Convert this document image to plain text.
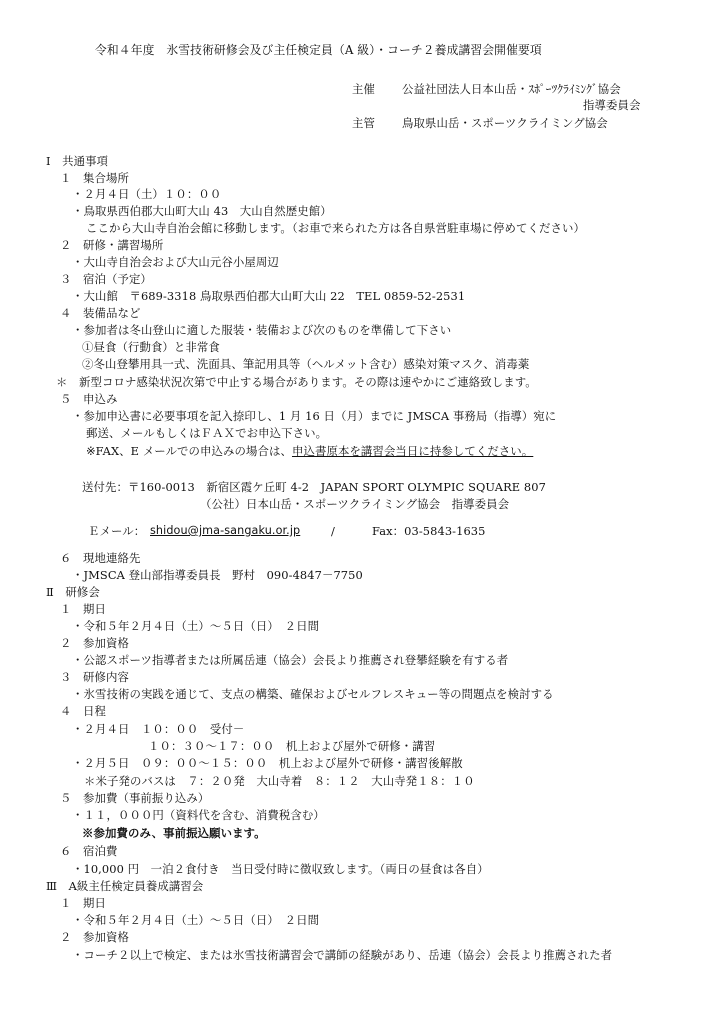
令和４年度　氷雪技術研修会及び主任検定員（A 級）・コーチ２養成講習会開催要項

主催 公益社団法人日本山岳・ｽﾎﾟｰﾂｸﾗｲﾐﾝｸﾞ協会

指導委員会

主管 鳥取県山岳・スポーツクライミング協会

Ⅰ　共通事項

１　集合場所

・２月４日（土）１０：００

・鳥取県西伯郡大山町大山 43　大山自然歴史館）

ここから大山寺自治会館に移動します。（お車で来られた方は各自県営駐車場に停めてください）

２　研修・講習場所

・大山寺自治会および大山元谷小屋周辺

３　宿泊（予定）

・大山館　〒689-3318 鳥取県西伯郡大山町大山 22　TEL 0859-52-2531

４　装備品など

・参加者は冬山登山に適した服装・装備および次のものを準備して下さい

①昼食（行動食）と非常食

②冬山登攀用具一式、洗面具、筆記用具等（ヘルメット含む）感染対策マスク、消毒薬

＊　新型コロナ感染状況次第で中止する場合があります。その際は速やかにご連絡致します。

５　申込み

・参加申込書に必要事項を記入捺印し、1 月 16 日（月）までに JMSCA 事務局（指導）宛に

郵送、メールもしくはＦＡＸでお申込下さい。

※FAX、E メールでの申込みの場合は、申込書原本を講習会当日に持参してください。

送付先：〒160-0013　新宿区霞ケ丘町 4-2　JAPAN SPORT OLYMPIC SQUARE 807

（公社）日本山岳・スポーツクライミング協会　指導委員会

Ｅメール： shidou@jma-sangaku.or.jp	/	Fax：03-5843-1635

６　現地連絡先

・JMSCA 登山部指導委員長　野村　090-4847－7750

Ⅱ　研修会

１　期日

・令和５年２月４日（土）～５日（日）　２日間

２　参加資格

・公認スポーツ指導者または所属岳連（協会）会長より推薦され登攀経験を有する者

３　研修内容

・氷雪技術の実践を通じて、支点の構築、確保およびセルフレスキュー等の問題点を検討する

４　日程

・２月４日　１０：００　受付－

１０：３０～１７：００　机上および屋外で研修・講習

・２月５日　０９：００～１５：００　机上および屋外で研修・講習後解散

＊米子発のバスは　７：２０発　大山寺着　８：１２　大山寺発１８：１０

５　参加費（事前振り込み）

・１１，０００円（資料代を含む、消費税含む）

※参加費のみ、事前振込願います。

６　宿泊費

・10,000 円　一泊２食付き　当日受付時に徴収致します。（両日の昼食は各自）

Ⅲ　A級主任検定員養成講習会

１　期日

・令和５年２月４日（土）～５日（日）　２日間

２　参加資格

・コーチ２以上で検定、または氷雪技術講習会で講師の経験があり、岳連（協会）会長より推薦された者
